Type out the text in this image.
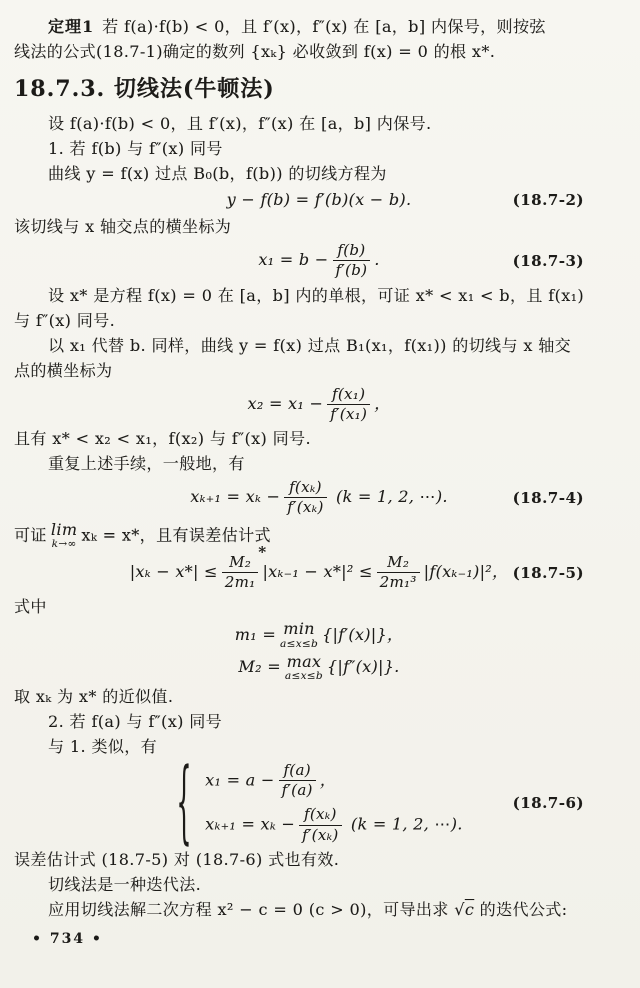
定理1 若 f(a)·f(b) < 0，且 f′(x)，f″(x) 在 [a，b] 内保号，则按弦

线法的公式(18.7-1)确定的数列 {xₖ} 必收敛到 f(x) = 0 的根 x*.

18.7.3. 切线法(牛顿法)

设 f(a)·f(b) < 0，且 f′(x)，f″(x) 在 [a，b] 内保号.

1. 若 f(b) 与 f″(x) 同号

曲线 y = f(x) 过点 B₀(b，f(b)) 的切线方程为

y − f(b) = f′(b)(x − b).	(18.7-2)

该切线与 x 轴交点的横坐标为

$x_1 = b - \frac{f(b)}{f'(b)}$ .	(18.7-3)

设 x* 是方程 f(x) = 0 在 [a，b] 内的单根，可证 x* < x₁ < b，且 f(x₁)

与 f″(x) 同号.

以 x₁ 代替 b. 同样，曲线 y = f(x) 过点 B₁(x₁，f(x₁)) 的切线与 x 轴交

点的横坐标为

$x_2 = x_1 - \frac{\text{f(x₁)}}{\text{f′(x₁)}}$ ，

且有 x* < x₂ < x₁，f(x₂) 与 f″(x) 同号.

重复上述手续，一般地，有

$x_{k+1} = x_k - \frac{\text{f(xₖ)}}{\text{f′(xₖ)}} (k = 1$, 2, ⋯).	(18.7-4)

可证 lim
k→∞
xₖ = x*，且有误差估计式

|xₖ − x*| ≤
*
$\frac{\text{M₂}}{\text{2m₁}} |x_{k-1} - x*|^2 \le \frac{\text{M₂}}{\text{2m₁³}} |f(x_{k-1})|^2$， (18.7-5)

式中

m₁ = min
a≤x≤b
{|f′(x)|}，
M₂ = max
a≤x≤b
{|f″(x)|}.

取 xₖ 为 x* 的近似值.

2. 若 f(a) 与 f″(x) 同号

与 1. 类似，有

{ $x_1 = a - \frac{f(a)}{f'(a)}$ ，
$x_{k+1} = x_k - \frac{\text{f(xₖ)}}{\text{f′(xₖ)}} (k = 1$, 2, ⋯).
(18.7-6)

误差估计式 (18.7-5) 对 (18.7-6) 式也有效.

切线法是一种迭代法.

应用切线法解二次方程 x² − c = 0 (c > 0)，可导出求 √c 的迭代公式:

• 734 •
